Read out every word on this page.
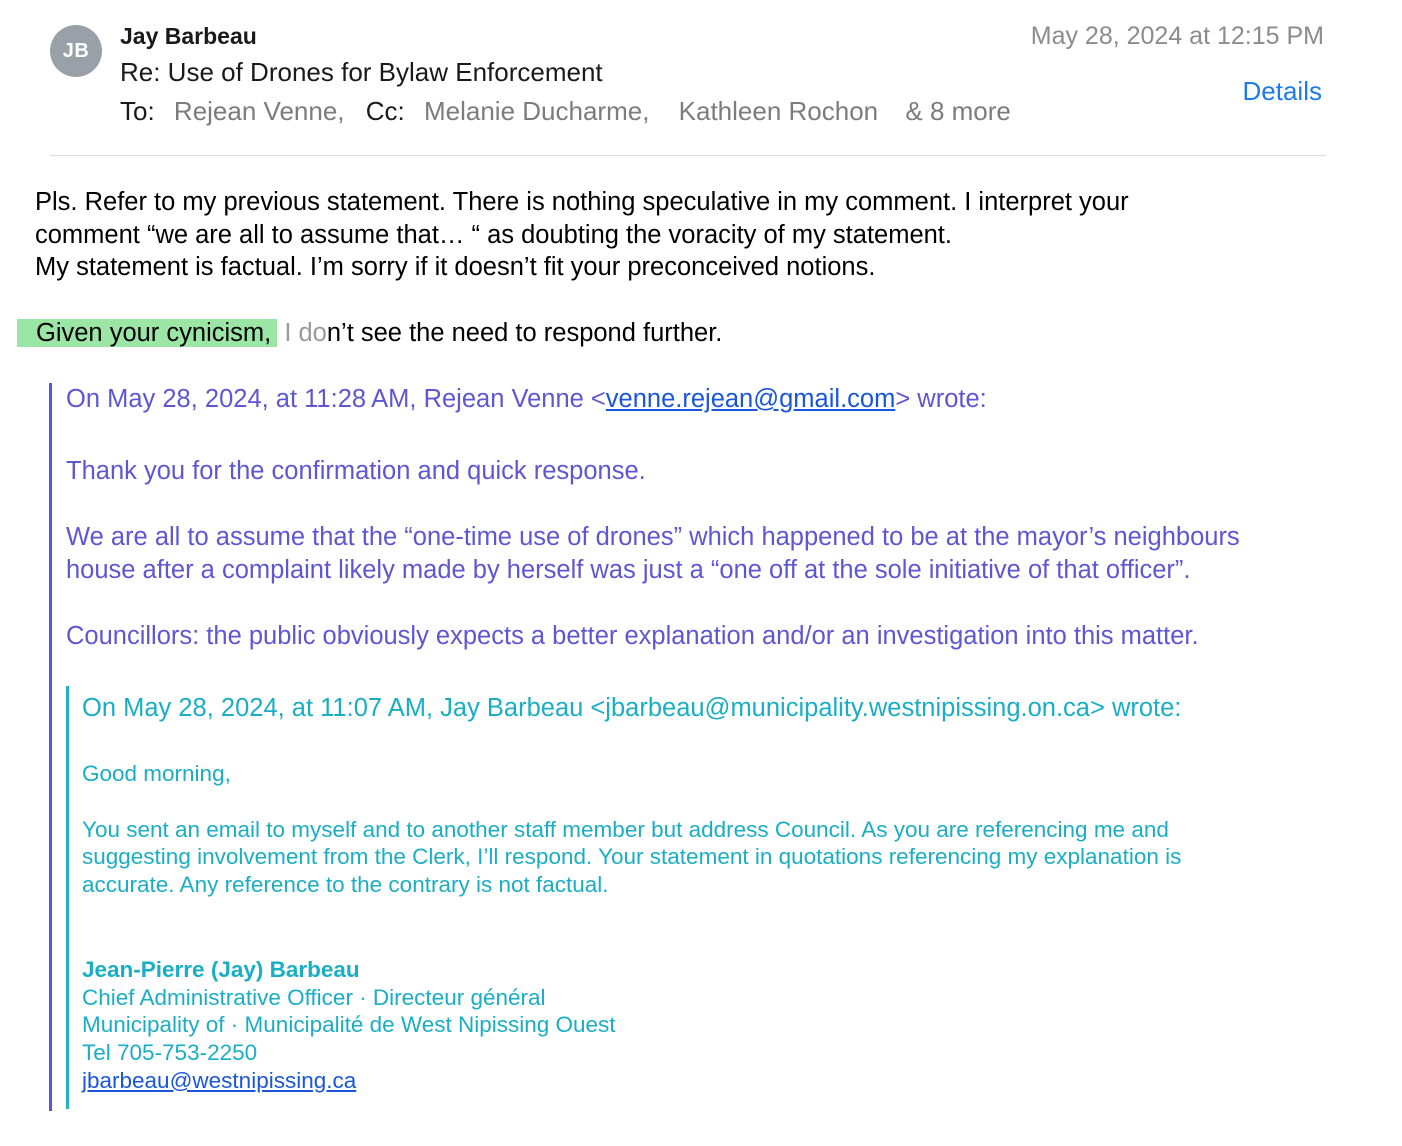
JB
Jay Barbeau
Re: Use of Drones for Bylaw Enforcement
To: Rejean Venne, Cc: Melanie Ducharme, Kathleen Rochon & 8 more
May 28, 2024 at 12:15 PM
Details
Pls. Refer to my previous statement. There is nothing speculative in my comment. I interpret your
comment “we are all to assume that… “ as doubting the voracity of my statement.
My statement is factual. I’m sorry if it doesn’t fit your preconceived notions.
Given your cynicism, I don’t see the need to respond further.
On May 28, 2024, at 11:28 AM, Rejean Venne <venne.rejean@gmail.com> wrote:
Thank you for the confirmation and quick response.
We are all to assume that the “one-time use of drones” which happened to be at the mayor’s neighbours
house after a complaint likely made by herself was just a “one off at the sole initiative of that officer”.
Councillors: the public obviously expects a better explanation and/or an investigation into this matter.
On May 28, 2024, at 11:07 AM, Jay Barbeau <jbarbeau@municipality.westnipissing.on.ca> wrote:
Good morning,
You sent an email to myself and to another staff member but address Council. As you are referencing me and
suggesting involvement from the Clerk, I’ll respond. Your statement in quotations referencing my explanation is
accurate. Any reference to the contrary is not factual.
Jean-Pierre (Jay) Barbeau
Chief Administrative Officer · Directeur général
Municipality of · Municipalité de West Nipissing Ouest
Tel 705-753-2250
jbarbeau@westnipissing.ca
